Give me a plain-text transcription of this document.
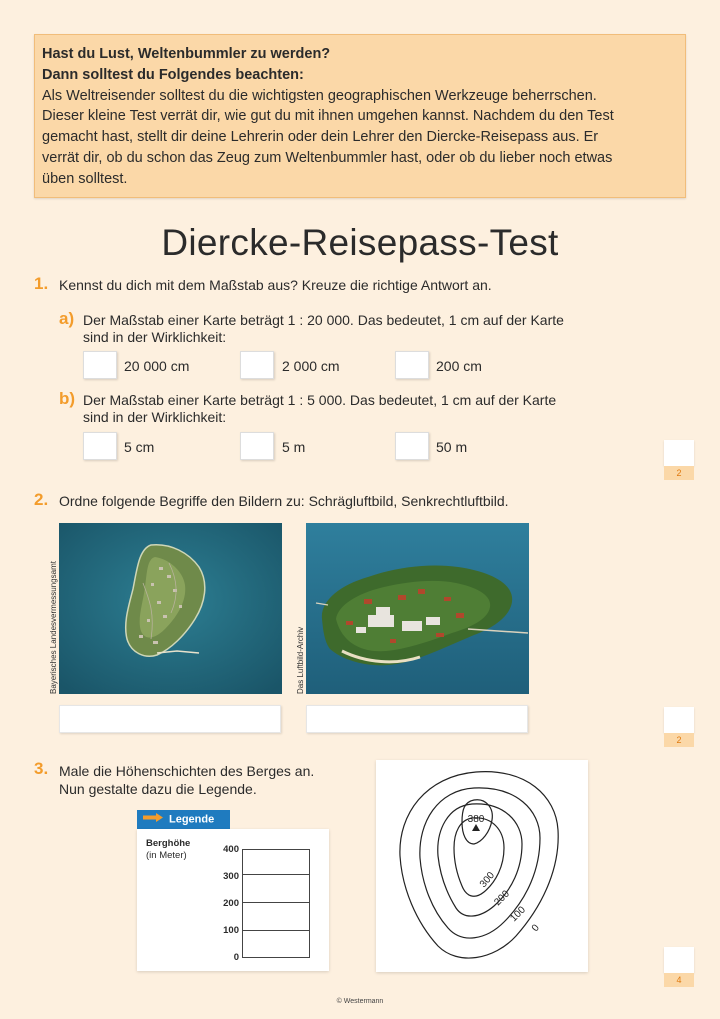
Hast du Lust, Weltenbummler zu werden?
Dann solltest du Folgendes beachten:
Als Weltreisender solltest du die wichtigsten geographischen Werkzeuge beherrschen.
Dieser kleine Test verrät dir, wie gut du mit ihnen umgehen kannst. Nachdem du den Test
gemacht hast, stellt dir deine Lehrerin oder dein Lehrer den Diercke-Reisepass aus. Er
verrät dir, ob du schon das Zeug zum Weltenbummler hast, oder ob du lieber noch etwas
üben solltest.
Diercke-Reisepass-Test
1. Kennst du dich mit dem Maßstab aus? Kreuze die richtige Antwort an.
a) Der Maßstab einer Karte beträgt 1 : 20 000. Das bedeutet, 1 cm auf der Karte
sind in der Wirklichkeit:
20 000 cm	2 000 cm	200 cm
b) Der Maßstab einer Karte beträgt 1 : 5 000. Das bedeutet, 1 cm auf der Karte
sind in der Wirklichkeit:
5 cm	5 m	50 m
2
2. Ordne folgende Begriffe den Bildern zu: Schrägluftbild, Senkrechtluftbild.
Bayerisches Landesvermessungsamt	Das Luftbild-Archiv
2
3. Male die Höhenschichten des Berges an.
Nun gestalte dazu die Legende.
Legende
Berghöhe
(in Meter)
400
300
200
100
0
380
300
200
100
0
4
© Westermann
